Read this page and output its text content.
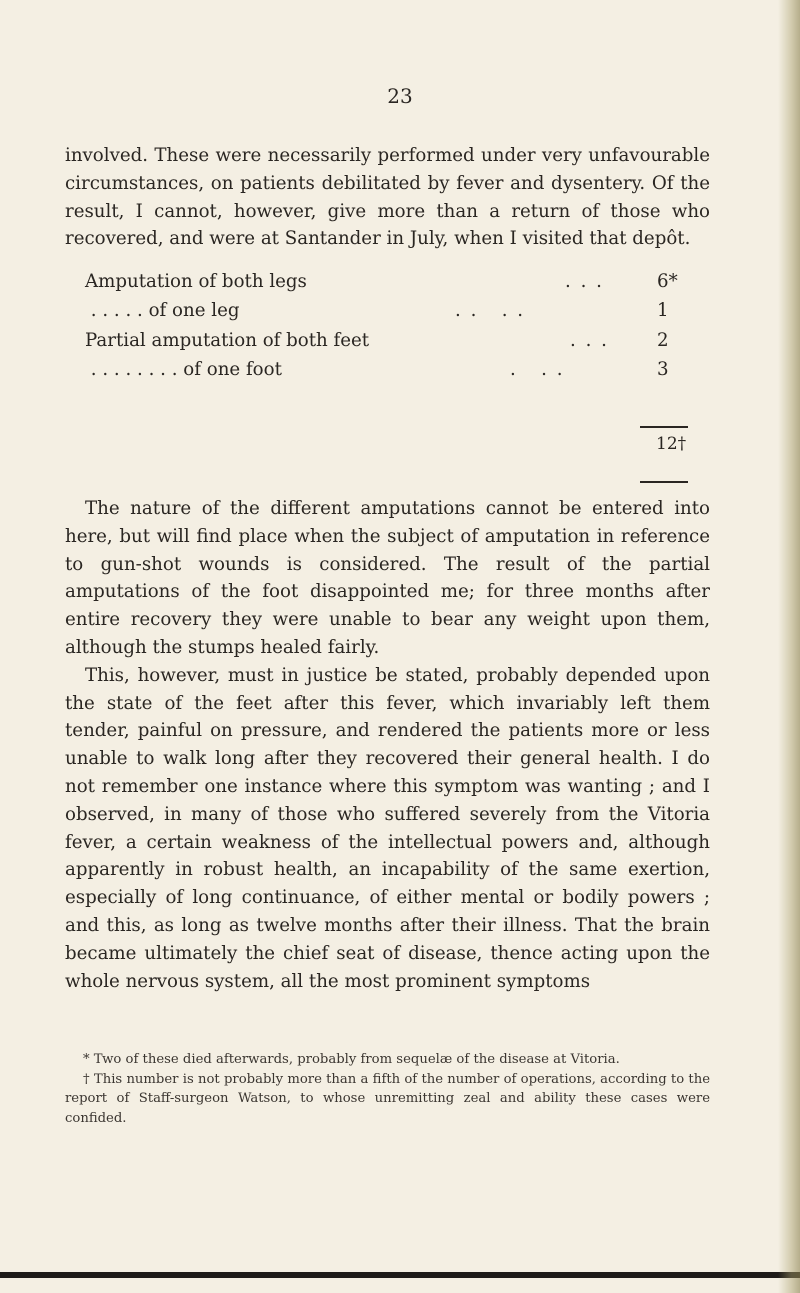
23

involved. These were necessarily performed under very unfavourable circumstances, on patients debilitated by fever and dysentery. Of the result, I cannot, however, give more than a return of those who recovered, and were at Santander in July, when I visited that depôt.

Amputation of both legs	. . .	6*
. . . . . of one leg	. .   . .	1
Partial amputation of both feet	. . .	2
. . . . . . . . of one foot	.   . .	3
12†

The nature of the different amputations cannot be entered into here, but will find place when the subject of amputation in reference to gun-shot wounds is considered. The result of the partial amputations of the foot disappointed me; for three months after entire recovery they were unable to bear any weight upon them, although the stumps healed fairly.

This, however, must in justice be stated, probably depended upon the state of the feet after this fever, which invariably left them tender, painful on pressure, and rendered the patients more or less unable to walk long after they recovered their general health. I do not remember one instance where this symptom was wanting ; and I observed, in many of those who suffered severely from the Vitoria fever, a certain weakness of the intellectual powers and, although apparently in robust health, an incapability of the same exertion, especially of long continuance, of either mental or bodily powers ; and this, as long as twelve months after their illness. That the brain became ultimately the chief seat of disease, thence acting upon the whole nervous system, all the most prominent symptoms

* Two of these died afterwards, probably from sequelæ of the disease at Vitoria.

† This number is not probably more than a fifth of the number of operations, according to the report of Staff-surgeon Watson, to whose unremitting zeal and ability these cases were confided.
